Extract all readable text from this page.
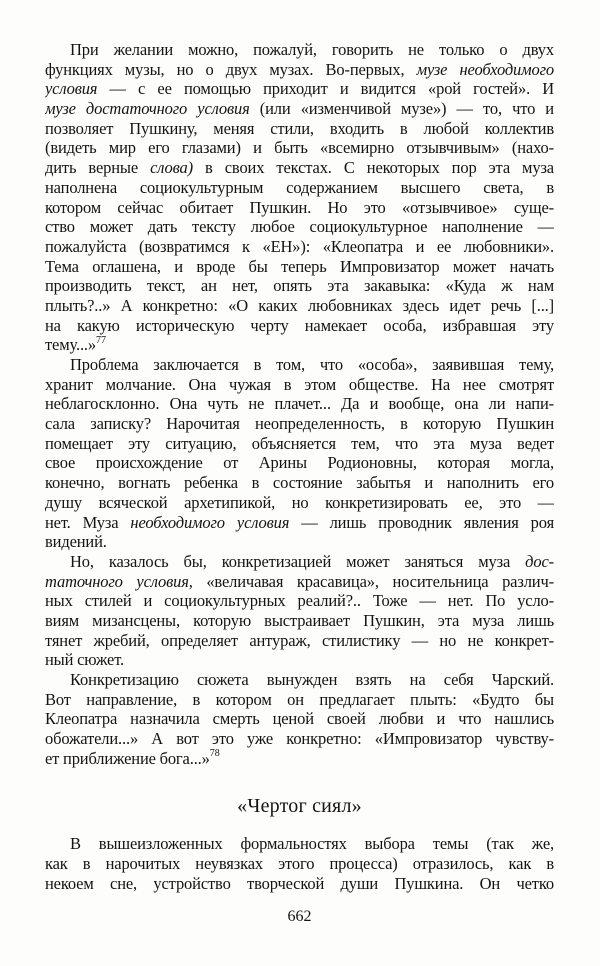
При желании можно, пожалуй, говорить не только о двух
функциях музы, но о двух музах. Во-первых, музе необходимого
условия — с ее помощью приходит и видится «рой гостей». И
музе достаточного условия (или «изменчивой музе») — то, что и
позволяет Пушкину, меняя стили, входить в любой коллектив
(видеть мир его глазами) и быть «всемирно отзывчивым» (нахо-
дить верные слова) в своих текстах. С некоторых пор эта муза
наполнена социокультурным содержанием высшего света, в
котором сейчас обитает Пушкин. Но это «отзывчивое» суще-
ство может дать тексту любое социокультурное наполнение —
пожалуйста (возвратимся к «ЕН»): «Клеопатра и ее любовники».
Тема оглашена, и вроде бы теперь Импровизатор может начать
производить текст, ан нет, опять эта закавыка: «Куда ж нам
плыть?..» А конкретно: «О каких любовниках здесь идет речь [...]
на какую историческую черту намекает особа, избравшая эту
тему...»$^{77}$
Проблема заключается в том, что «особа», заявившая тему,
хранит молчание. Она чужая в этом обществе. На нее смотрят
неблагосклонно. Она чуть не плачет... Да и вообще, она ли напи-
сала записку? Нарочитая неопределенность, в которую Пушкин
помещает эту ситуацию, объясняется тем, что эта муза ведет
свое происхождение от Арины Родионовны, которая могла,
конечно, вогнать ребенка в состояние забытья и наполнить его
душу всяческой архетипикой, но конкретизировать ее, это —
нет. Муза необходимого условия — лишь проводник явления роя
видений.
Но, казалось бы, конкретизацией может заняться муза дос-
таточного условия, «величавая красавица», носительница различ-
ных стилей и социокультурных реалий?.. Тоже — нет. По усло-
виям мизансцены, которую выстраивает Пушкин, эта муза лишь
тянет жребий, определяет антураж, стилистику — но не конкрет-
ный сюжет.
Конкретизацию сюжета вынужден взять на себя Чарский.
Вот направление, в котором он предлагает плыть: «Будто бы
Клеопатра назначила смерть ценой своей любви и что нашлись
обожатели...» А вот это уже конкретно: «Импровизатор чувству-
ет приближение бога...»$^{78}$
«Чертог сиял»
В вышеизложенных формальностях выбора темы (так же,
как в нарочитых неувязках этого процесса) отразилось, как в
некоем сне, устройство творческой души Пушкина. Он четко
662
